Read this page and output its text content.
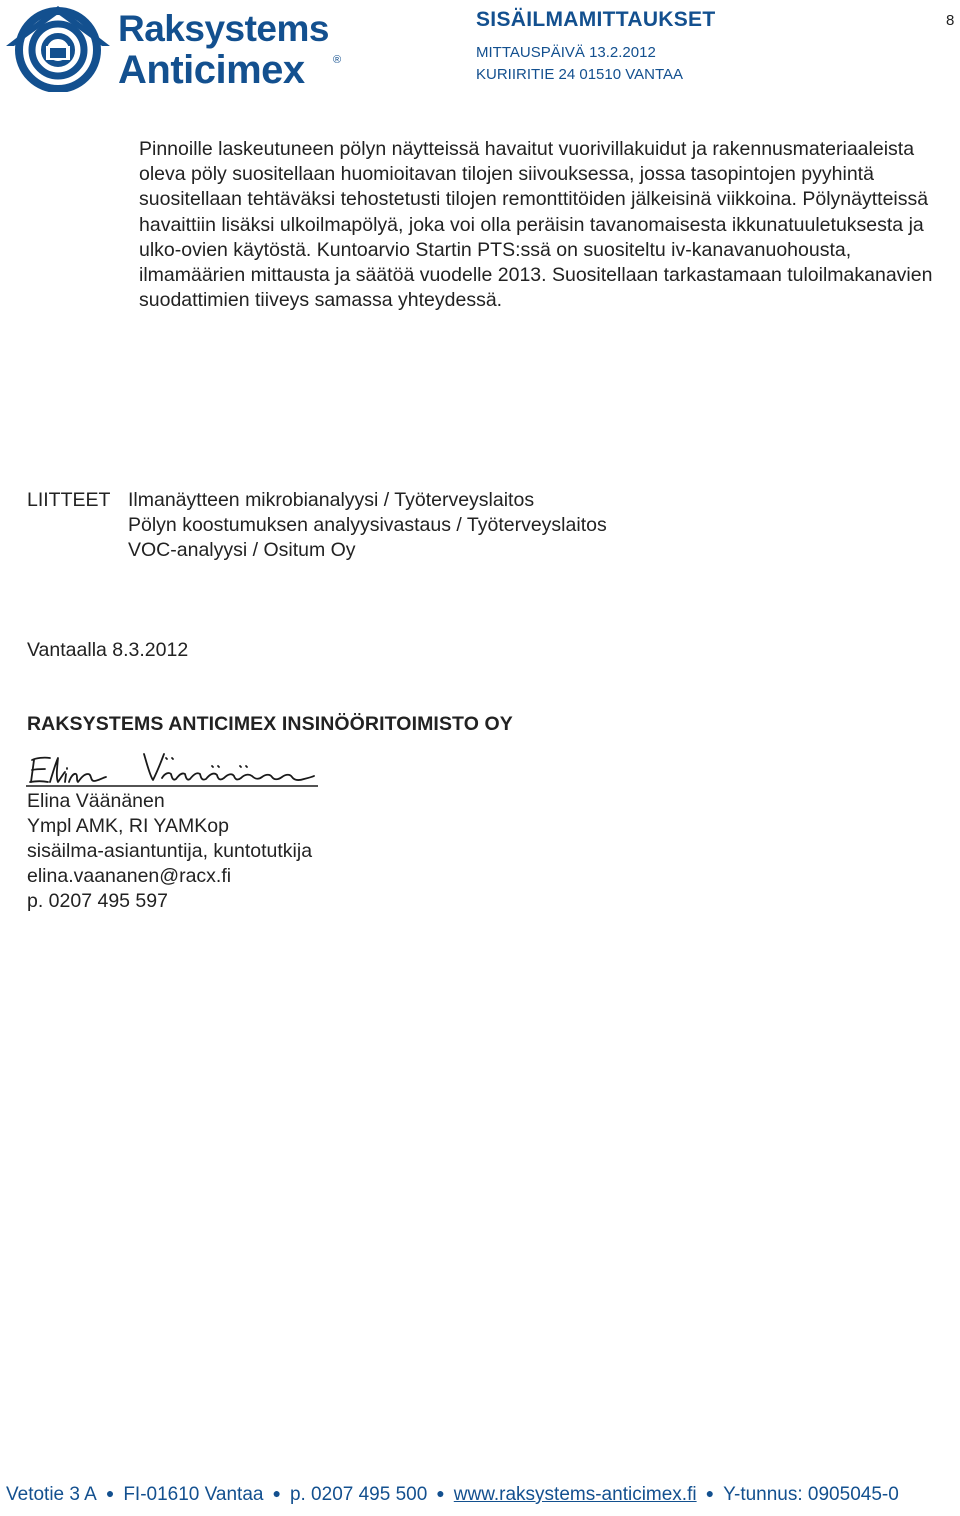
Raksystems
Anticimex	®
SISÄILMAMITTAUKSET
MITTAUSPÄIVÄ 13.2.2012
KURIIRITIE 24 01510 VANTAA
8

Pinnoille laskeutuneen pölyn näytteissä havaitut vuorivillakuidut ja rakennusmateriaaleista oleva pöly suositellaan huomioitavan tilojen siivouksessa, jossa tasopintojen pyyhintä suositellaan tehtäväksi tehostetusti tilojen remonttitöiden jälkeisinä viikkoina. Pölynäytteissä havaittiin lisäksi ulkoilmapölyä, joka voi olla peräisin tavanomaisesta ikkunatuuletuksesta ja ulko-ovien käytöstä. Kuntoarvio Startin PTS:ssä on suositeltu iv-kanavanuohousta, ilmamäärien mittausta ja säätöä vuodelle 2013. Suositellaan tarkastamaan tuloilmakanavien suodattimien tiiveys samassa yhteydessä.

LIITTEET Ilmanäytteen mikrobianalyysi / Työterveyslaitos
Pölyn koostumuksen analyysivastaus / Työterveyslaitos
VOC-analyysi / Ositum Oy
Vantaalla 8.3.2012
RAKSYSTEMS ANTICIMEX INSINÖÖRITOIMISTO OY
Elina Väänänen
Ympl AMK, RI YAMKop
sisäilma-asiantuntija, kuntotutkija
elina.vaananen@racx.fi
p. 0207 495 597
Vetotie 3 A ● FI-01610 Vantaa ● p. 0207 495 500 ● www.raksystems-anticimex.fi ● Y-tunnus: 0905045-0
